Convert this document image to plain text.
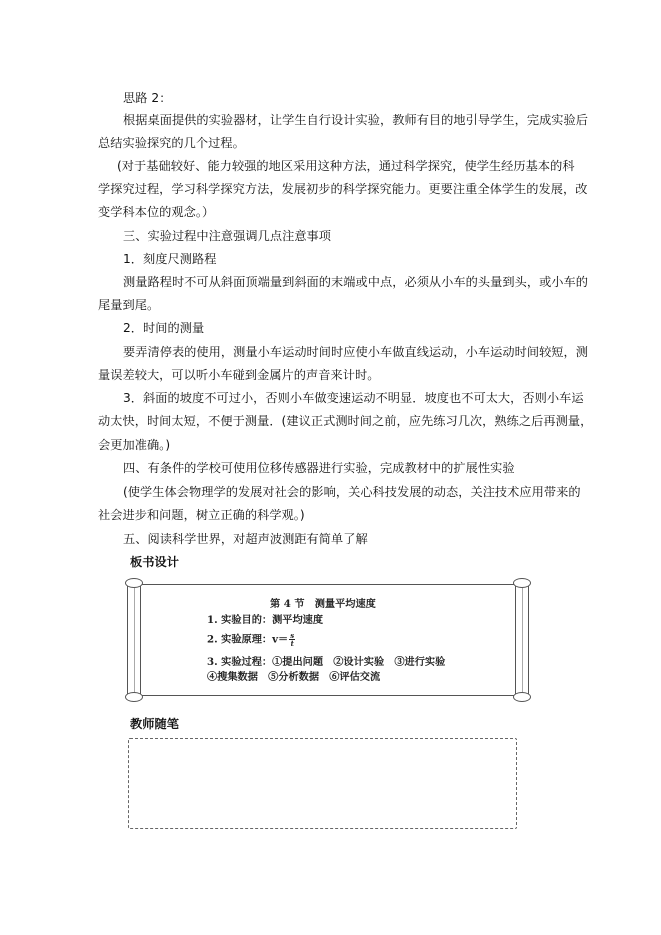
思路 2：
根据桌面提供的实验器材，让学生自行设计实验，教师有目的地引导学生，完成实验后
总结实验探究的几个过程。
(对于基础较好、能力较强的地区采用这种方法，通过科学探究，使学生经历基本的科
学探究过程，学习科学探究方法，发展初步的科学探究能力。更要注重全体学生的发展，改
变学科本位的观念。）
三、实验过程中注意强调几点注意事项
1．刻度尺测路程
测量路程时不可从斜面顶端量到斜面的末端或中点，必须从小车的头量到头，或小车的
尾量到尾。
2．时间的测量
要弄清停表的使用，测量小车运动时间时应使小车做直线运动，小车运动时间较短，测
量误差较大，可以听小车碰到金属片的声音来计时。
3．斜面的坡度不可过小，否则小车做变速运动不明显．坡度也不可太大，否则小车运
动太快，时间太短，不便于测量．(建议正式测时间之前，应先练习几次，熟练之后再测量，
会更加准确。)
四、有条件的学校可使用位移传感器进行实验，完成教材中的扩展性实验
(使学生体会物理学的发展对社会的影响，关心科技发展的动态，关注技术应用带来的
社会进步和问题，树立正确的科学观。)
五、阅读科学世界，对超声波测距有简单了解
板书设计
第 4 节　测量平均速度
1. 实验目的：测平均速度
2. 实验原理：$v= \frac{s}{t}$
3. 实验过程：①提出问题　②设计实验　③进行实验
④搜集数据　⑤分析数据　⑥评估交流
教师随笔
